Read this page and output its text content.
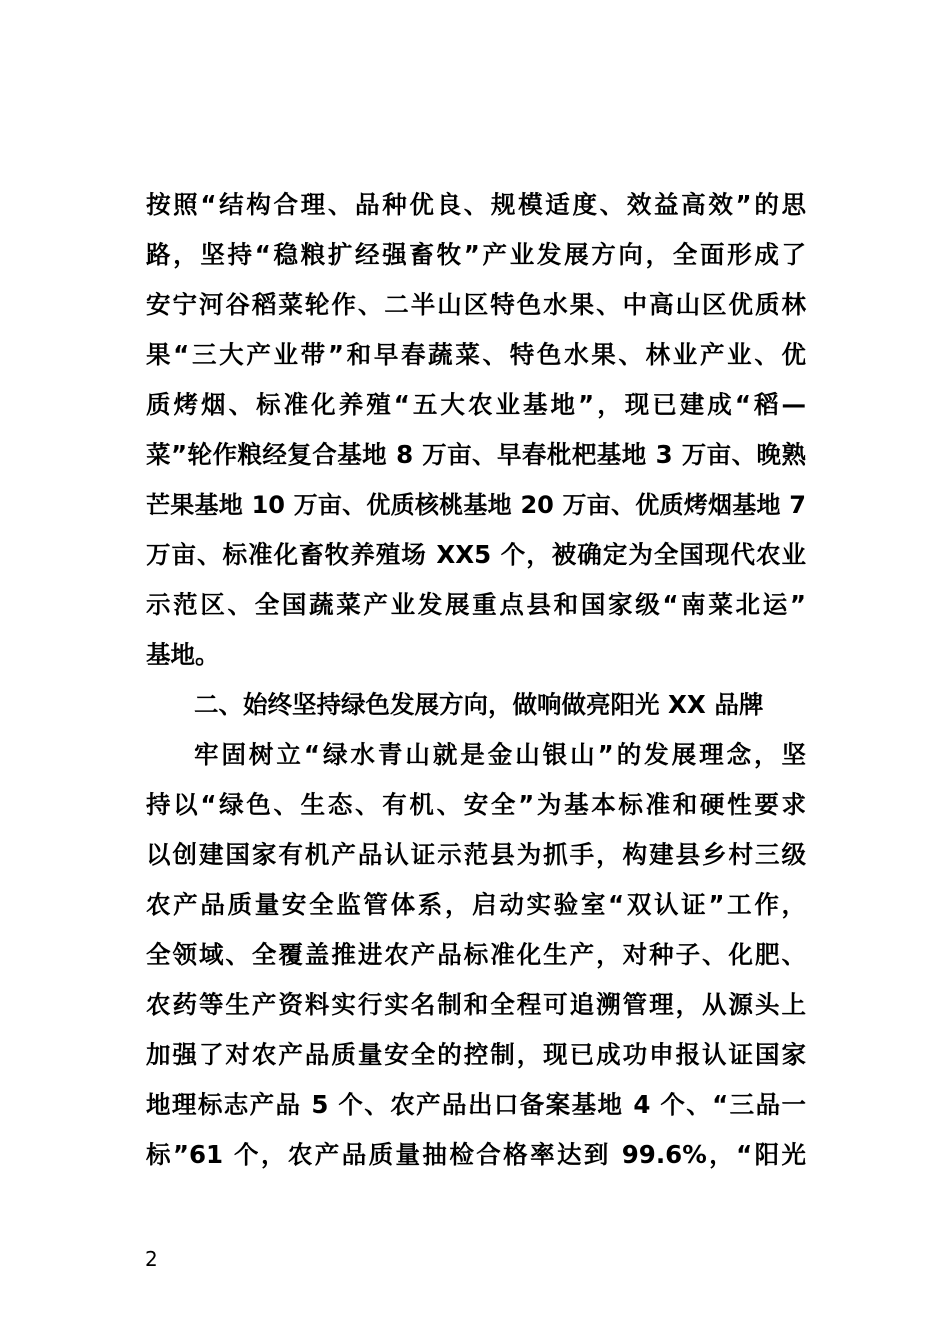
按照“结构合理、品种优良、规模适度、效益高效”的思
路，坚持“稳粮扩经强畜牧”产业发展方向，全面形成了
安宁河谷稻菜轮作、二半山区特色水果、中高山区优质林
果“三大产业带”和早春蔬菜、特色水果、林业产业、优
质烤烟、标准化养殖“五大农业基地”，现已建成“稻—
菜”轮作粮经复合基地 8 万亩、早春枇杷基地 3 万亩、晚熟
芒果基地 10 万亩、优质核桃基地 20 万亩、优质烤烟基地 7
万亩、标准化畜牧养殖场 XX5 个，被确定为全国现代农业
示范区、全国蔬菜产业发展重点县和国家级“南菜北运”
基地。
二、始终坚持绿色发展方向，做响做亮阳光 XX 品牌
牢固树立“绿水青山就是金山银山”的发展理念，坚
持以“绿色、生态、有机、安全”为基本标准和硬性要求
以创建国家有机产品认证示范县为抓手，构建县乡村三级
农产品质量安全监管体系，启动实验室“双认证”工作，
全领域、全覆盖推进农产品标准化生产，对种子、化肥、
农药等生产资料实行实名制和全程可追溯管理，从源头上
加强了对农产品质量安全的控制，现已成功申报认证国家
地理标志产品 5 个、农产品出口备案基地 4 个、“三品一
标”61 个，农产品质量抽检合格率达到 99.6%，“阳光
2
